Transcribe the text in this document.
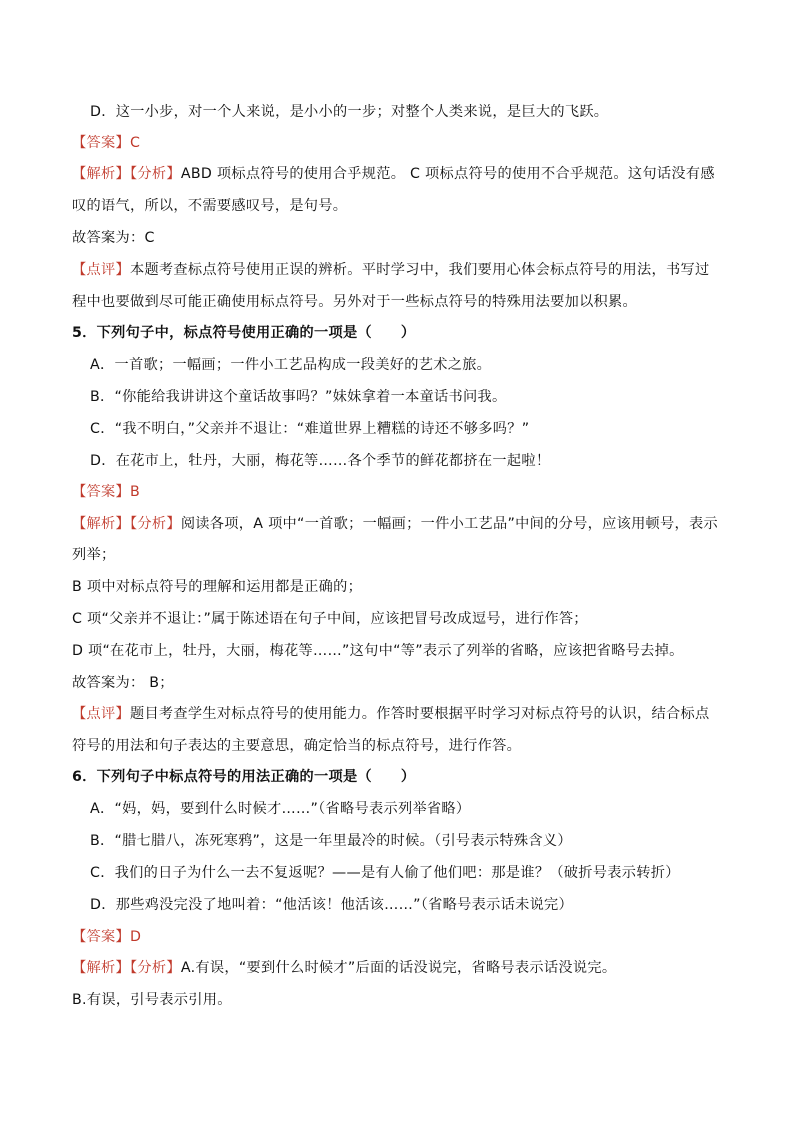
D．这一小步，对一个人来说，是小小的一步；对整个人类来说，是巨大的飞跃。
【答案】C
【解析】【分析】ABD 项标点符号的使用合乎规范。 C 项标点符号的使用不合乎规范。这句话没有感
叹的语气，所以，不需要感叹号，是句号。
故答案为：C
【点评】本题考查标点符号使用正误的辨析。平时学习中，我们要用心体会标点符号的用法，书写过
程中也要做到尽可能正确使用标点符号。另外对于一些标点符号的特殊用法要加以积累。
5．下列句子中，标点符号使用正确的一项是（　　）
A．一首歌；一幅画；一件小工艺品构成一段美好的艺术之旅。
B．“你能给我讲讲这个童话故事吗？”妹妹拿着一本童话书问我。
C．“我不明白，”父亲并不退让：“难道世界上糟糕的诗还不够多吗？”
D．在花市上，牡丹，大丽，梅花等……各个季节的鲜花都挤在一起啦！
【答案】B
【解析】【分析】阅读各项，A 项中“一首歌；一幅画；一件小工艺品”中间的分号，应该用顿号，表示
列举；
B 项中对标点符号的理解和运用都是正确的；
C 项“父亲并不退让：”属于陈述语在句子中间，应该把冒号改成逗号，进行作答；
D 项“在花市上，牡丹，大丽，梅花等……”这句中“等”表示了列举的省略，应该把省略号去掉。
故答案为： B；
【点评】题目考查学生对标点符号的使用能力。作答时要根据平时学习对标点符号的认识，结合标点
符号的用法和句子表达的主要意思，确定恰当的标点符号，进行作答。
6．下列句子中标点符号的用法正确的一项是（　　）
A．“妈，妈，要到什么时候才……”（省略号表示列举省略）
B．“腊七腊八，冻死寒鸦”，这是一年里最冷的时候。（引号表示特殊含义）
C．我们的日子为什么一去不复返呢？——是有人偷了他们吧：那是谁？（破折号表示转折）
D．那些鸡没完没了地叫着：“他活该！他活该……”（省略号表示话未说完）
【答案】D
【解析】【分析】A.有误，“要到什么时候才”后面的话没说完，省略号表示话没说完。
B.有误，引号表示引用。
